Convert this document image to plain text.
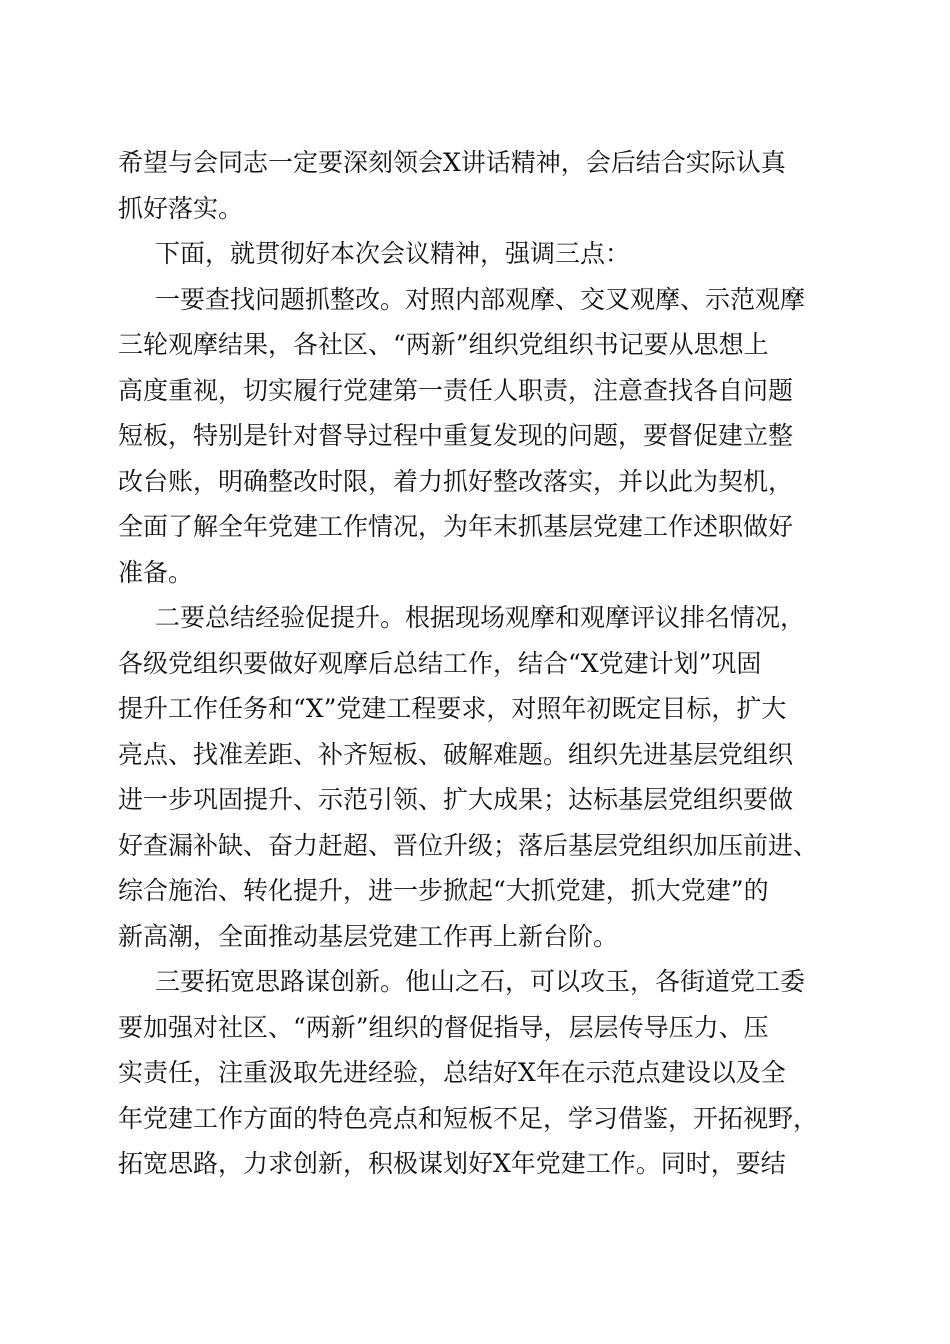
希望与会同志一定要深刻领会X讲话精神，会后结合实际认真
抓好落实。
下面，就贯彻好本次会议精神，强调三点：
一要查找问题抓整改。对照内部观摩、交叉观摩、示范观摩
三轮观摩结果，各社区、“两新”组织党组织书记要从思想上
高度重视，切实履行党建第一责任人职责，注意查找各自问题
短板，特别是针对督导过程中重复发现的问题，要督促建立整
改台账，明确整改时限，着力抓好整改落实，并以此为契机，
全面了解全年党建工作情况，为年末抓基层党建工作述职做好
准备。
二要总结经验促提升。根据现场观摩和观摩评议排名情况，
各级党组织要做好观摩后总结工作，结合“X党建计划”巩固
提升工作任务和“X”党建工程要求，对照年初既定目标，扩大
亮点、找准差距、补齐短板、破解难题。组织先进基层党组织
进一步巩固提升、示范引领、扩大成果；达标基层党组织要做
好查漏补缺、奋力赶超、晋位升级；落后基层党组织加压前进、
综合施治、转化提升，进一步掀起“大抓党建，抓大党建”的
新高潮，全面推动基层党建工作再上新台阶。
三要拓宽思路谋创新。他山之石，可以攻玉，各街道党工委
要加强对社区、“两新”组织的督促指导，层层传导压力、压
实责任，注重汲取先进经验，总结好X年在示范点建设以及全
年党建工作方面的特色亮点和短板不足，学习借鉴，开拓视野，
拓宽思路，力求创新，积极谋划好X年党建工作。同时，要结
